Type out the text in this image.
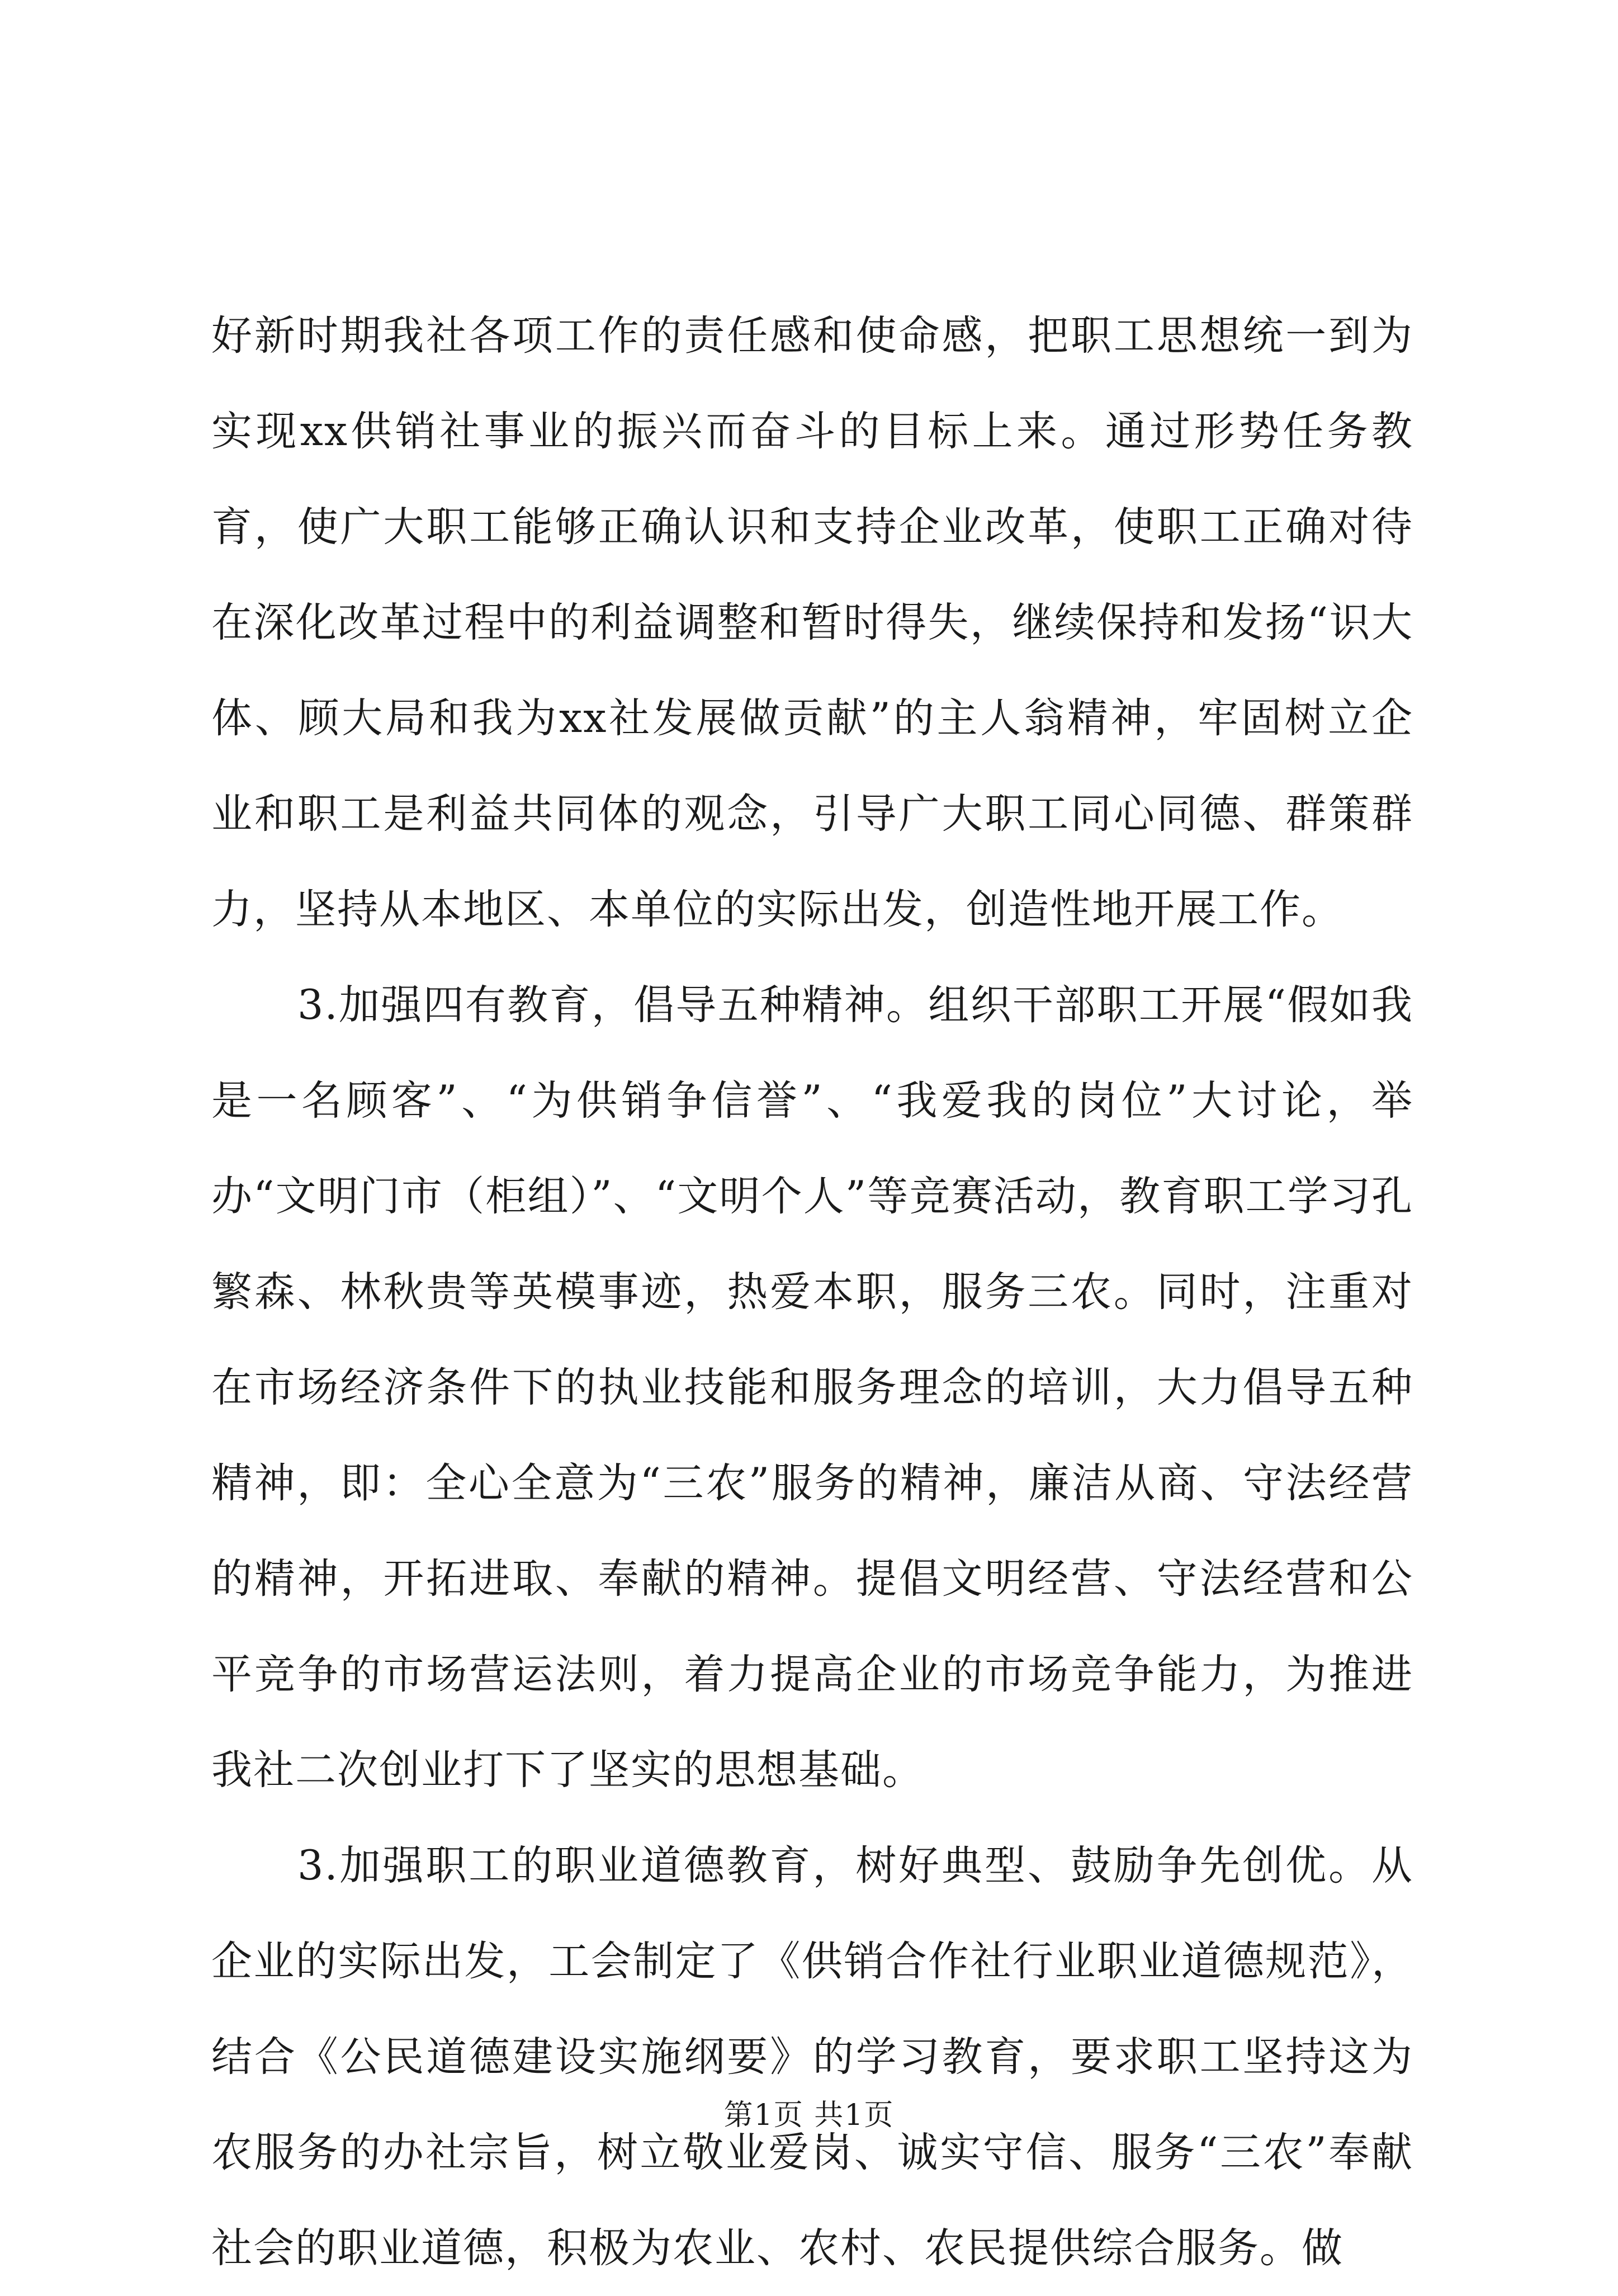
好新时期我社各项工作的责任感和使命感，把职工思想统一到为实现xx供销社事业的振兴而奋斗的目标上来。通过形势任务教育，使广大职工能够正确认识和支持企业改革，使职工正确对待在深化改革过程中的利益调整和暂时得失，继续保持和发扬“识大体、顾大局和我为xx社发展做贡献”的主人翁精神，牢固树立企业和职工是利益共同体的观念，引导广大职工同心同德、群策群力，坚持从本地区、本单位的实际出发，创造性地开展工作。

3.加强四有教育，倡导五种精神。组织干部职工开展“假如我是一名顾客”、“为供销争信誉”、“我爱我的岗位”大讨论，举办“文明门市（柜组）”、“文明个人”等竞赛活动，教育职工学习孔繁森、林秋贵等英模事迹，热爱本职，服务三农。同时，注重对在市场经济条件下的执业技能和服务理念的培训，大力倡导五种精神，即：全心全意为“三农”服务的精神，廉洁从商、守法经营的精神，开拓进取、奉献的精神。提倡文明经营、守法经营和公平竞争的市场营运法则，着力提高企业的市场竞争能力，为推进我社二次创业打下了坚实的思想基础。

3.加强职工的职业道德教育，树好典型、鼓励争先创优。从企业的实际出发，工会制定了《供销合作社行业职业道德规范》，结合《公民道德建设实施纲要》的学习教育，要求职工坚持这为农服务的办社宗旨，树立敬业爱岗、诚实守信、服务“三农”奉献社会的职业道德，积极为农业、农村、农民提供综合服务。做

第1页 共1页
